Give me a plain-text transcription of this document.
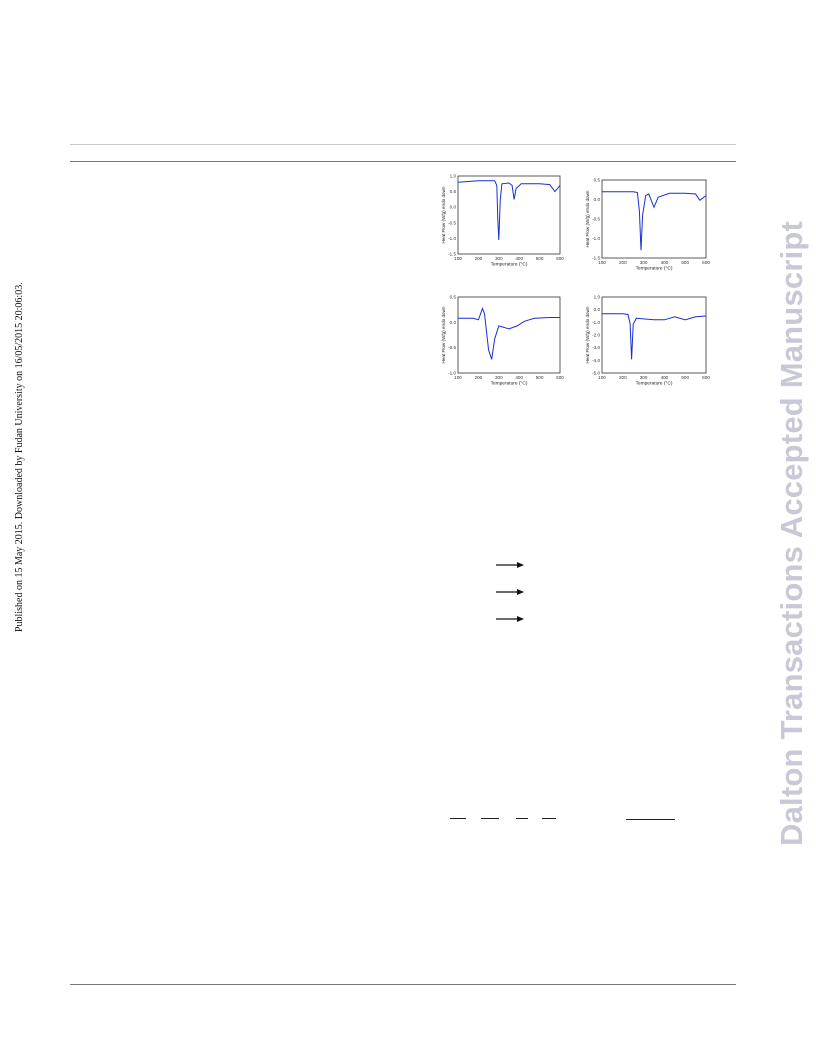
Published on 15 May 2015. Downloaded by Fudan University on 16/05/2015 20:06:03.	Dalton Transactions Accepted Manuscript
1.0
0.5
0.0
-0.5
-1.0
-1.5
100	200	300	400	500	600
Temperature (°C)
Heat Flow (W/g) endo down
0.5
0.0
-0.5
-1.0
-1.5
100	200	300	400	500	600
Temperature (°C)
Heat Flow (W/g) endo down
0.5
0.0
-0.5
-1.0
100	200	300	400	500	600
Temperature (°C)
Heat Flow (W/g) endo down
1.0
0.0
-1.0
-2.0
-3.0
-4.0
-5.0
100	200	300	400	500	600
Temperature (°C)
Heat Flow (W/g) endo down
